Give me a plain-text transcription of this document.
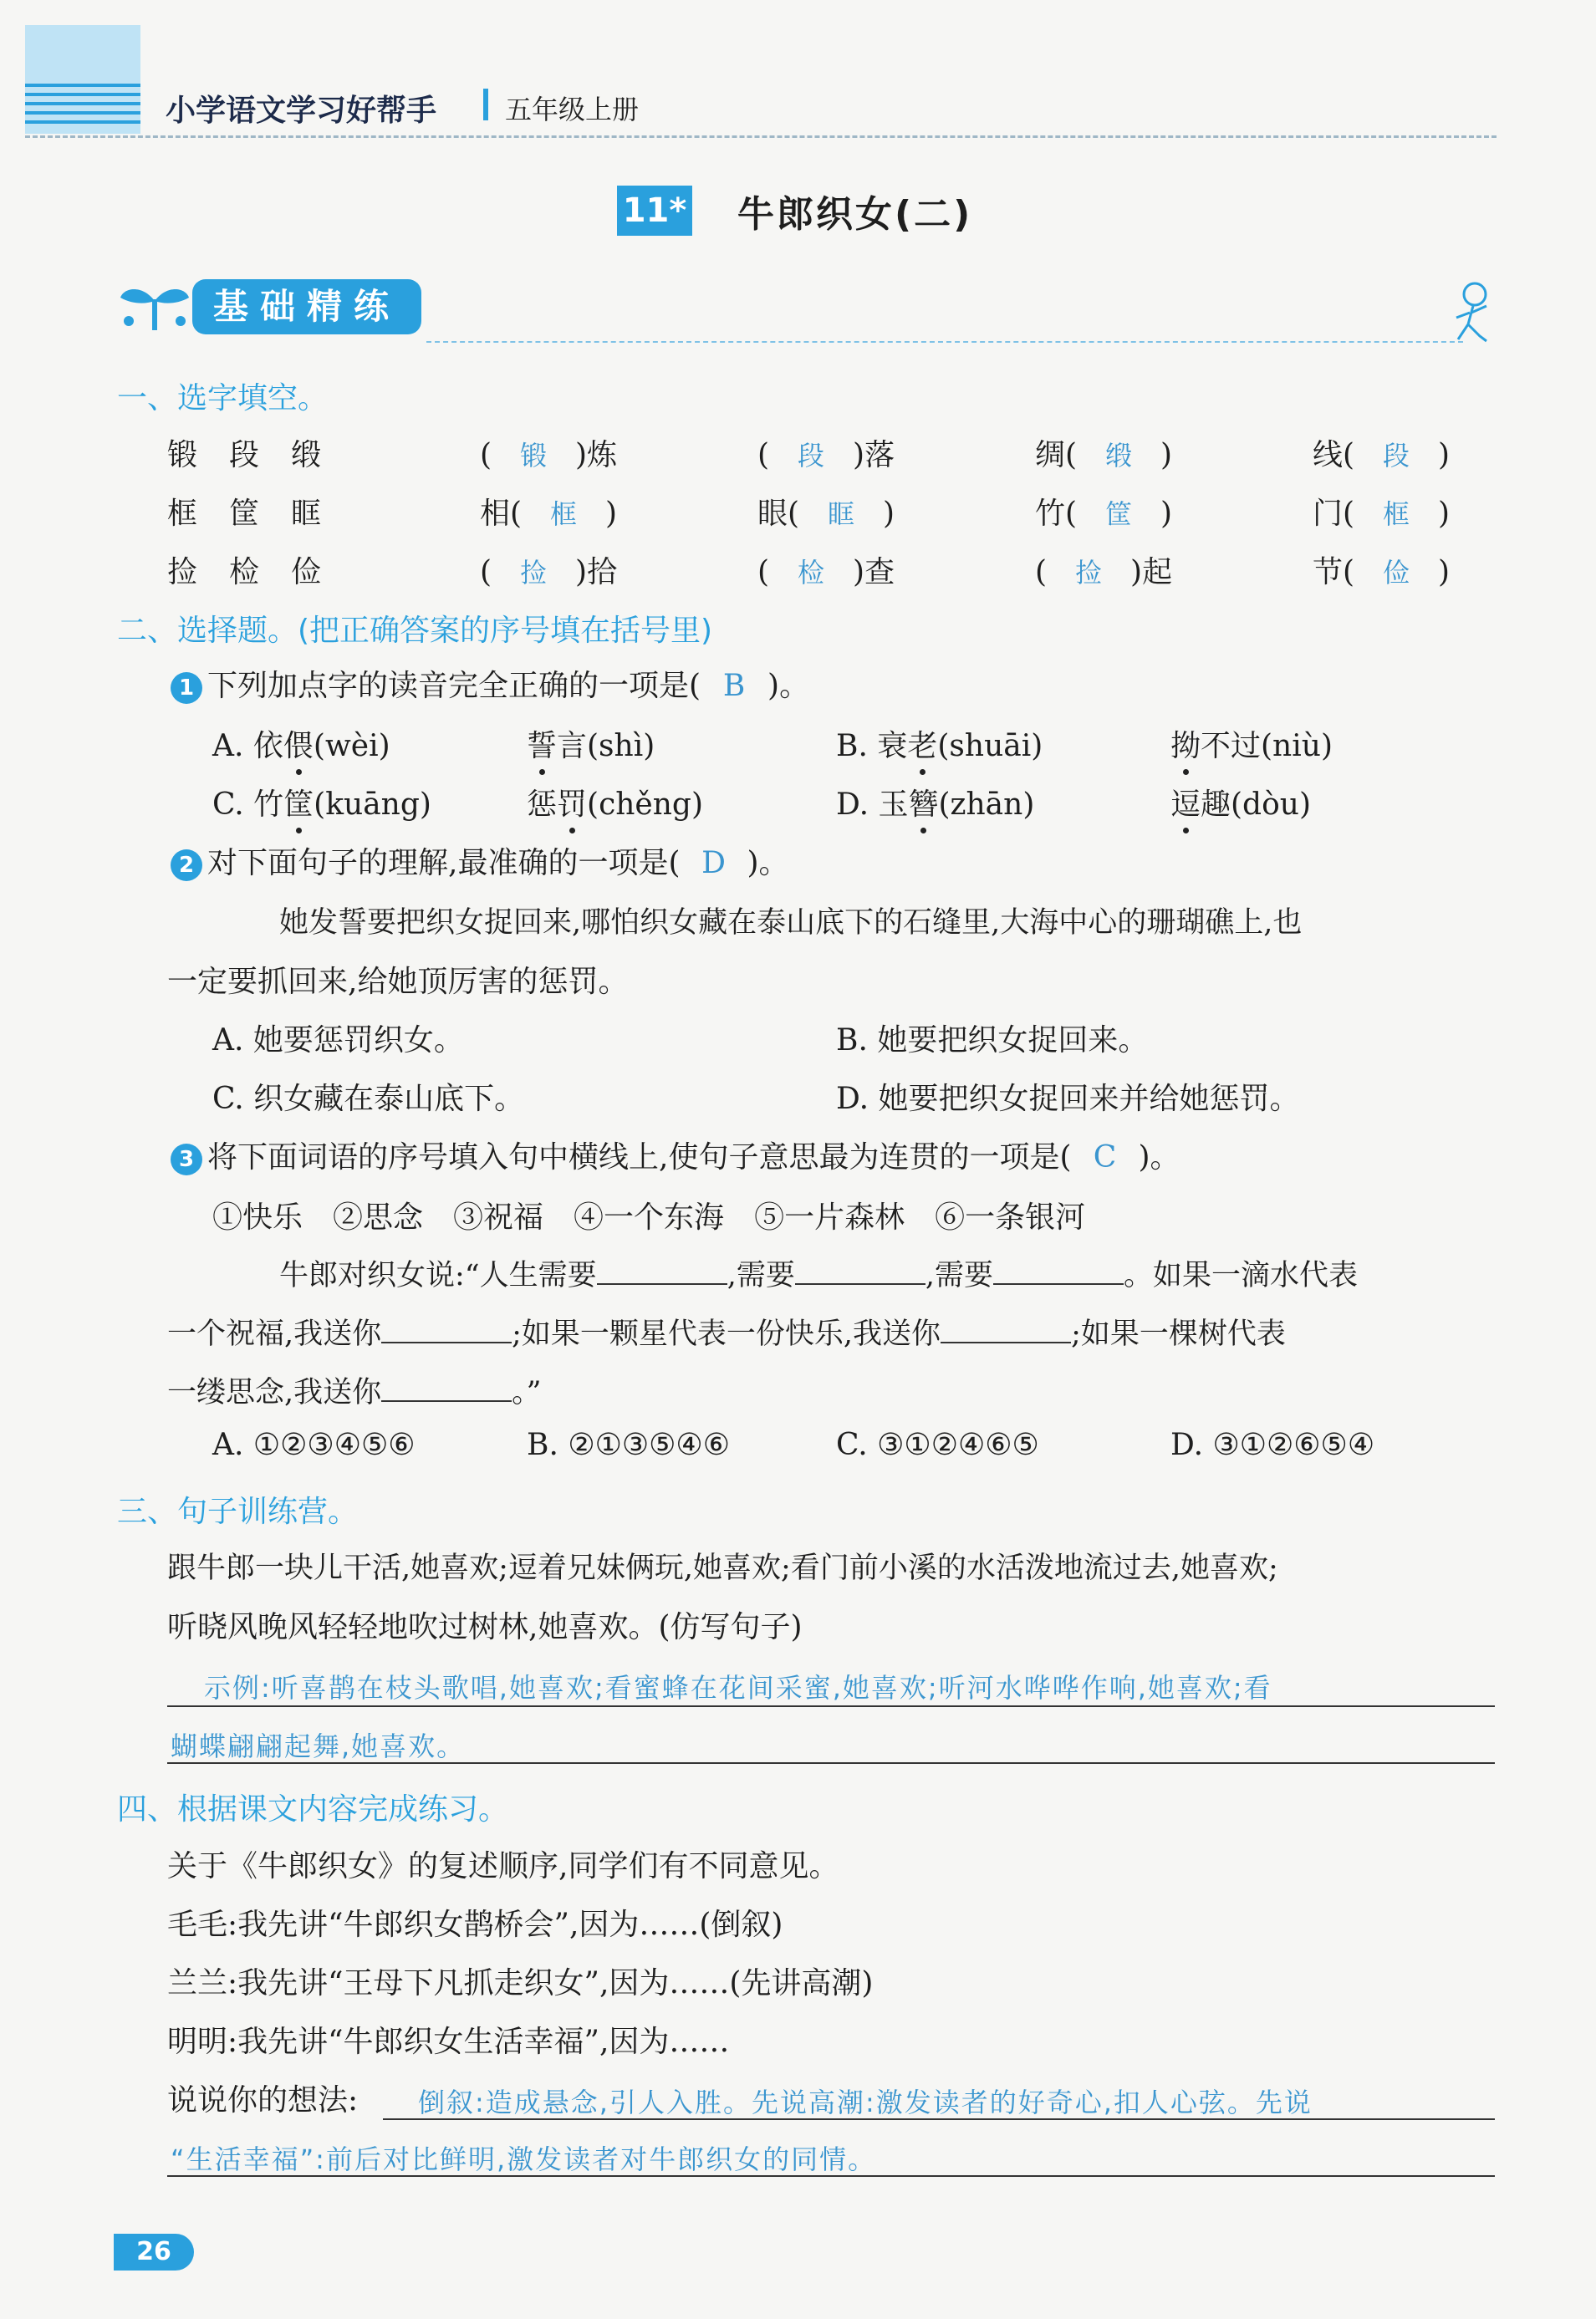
小学语文学习好帮手	五年级上册
11* 牛郎织女(二)
基础精练
一、选字填空。
锻段缎	( 锻 )炼	( 段 )落	绸( 缎 )	线( 段 )
框筐眶	相( 框 )	眼( 眶 )	竹( 筐 )	门( 框 )
捡检俭	( 捡 )拾	( 检 )查	( 捡 )起	节( 俭 )
二、选择题。(把正确答案的序号填在括号里)
1 下列加点字的读音完全正确的一项是( B )。
A. 依偎(wèi)	誓言(shì)	B. 衰老(shuāi)	拗不过(niù)
C. 竹筐(kuāng)	惩罚(chěng)	D. 玉簪(zhān)	逗趣(dòu)
2 对下面句子的理解,最准确的一项是( D )。
她发誓要把织女捉回来,哪怕织女藏在泰山底下的石缝里,大海中心的珊瑚礁上,也
一定要抓回来,给她顶厉害的惩罚。
A. 她要惩罚织女。	B. 她要把织女捉回来。
C. 织女藏在泰山底下。	D. 她要把织女捉回来并给她惩罚。
3 将下面词语的序号填入句中横线上,使句子意思最为连贯的一项是( C )。
①快乐 ②思念 ③祝福 ④一个东海 ⑤一片森林 ⑥一条银河
牛郎对织女说:“人生需要	,需要	,需要	。如果一滴水代表
一个祝福,我送你	;如果一颗星代表一份快乐,我送你	;如果一棵树代表
一缕思念,我送你	。”
A. ①②③④⑤⑥	B. ②①③⑤④⑥	C. ③①②④⑥⑤	D. ③①②⑥⑤④
三、句子训练营。
跟牛郎一块儿干活,她喜欢;逗着兄妹俩玩,她喜欢;看门前小溪的水活泼地流过去,她喜欢;
听晓风晚风轻轻地吹过树林,她喜欢。(仿写句子)
示例:听喜鹊在枝头歌唱,她喜欢;看蜜蜂在花间采蜜,她喜欢;听河水哗哗作响,她喜欢;看
蝴蝶翩翩起舞,她喜欢。
四、根据课文内容完成练习。
关于《牛郎织女》的复述顺序,同学们有不同意见。
毛毛:我先讲“牛郎织女鹊桥会”,因为……(倒叙)
兰兰:我先讲“王母下凡抓走织女”,因为……(先讲高潮)
明明:我先讲“牛郎织女生活幸福”,因为……
说说你的想法: 倒叙:造成悬念,引人入胜。先说高潮:激发读者的好奇心,扣人心弦。先说
“生活幸福”:前后对比鲜明,激发读者对牛郎织女的同情。
26
